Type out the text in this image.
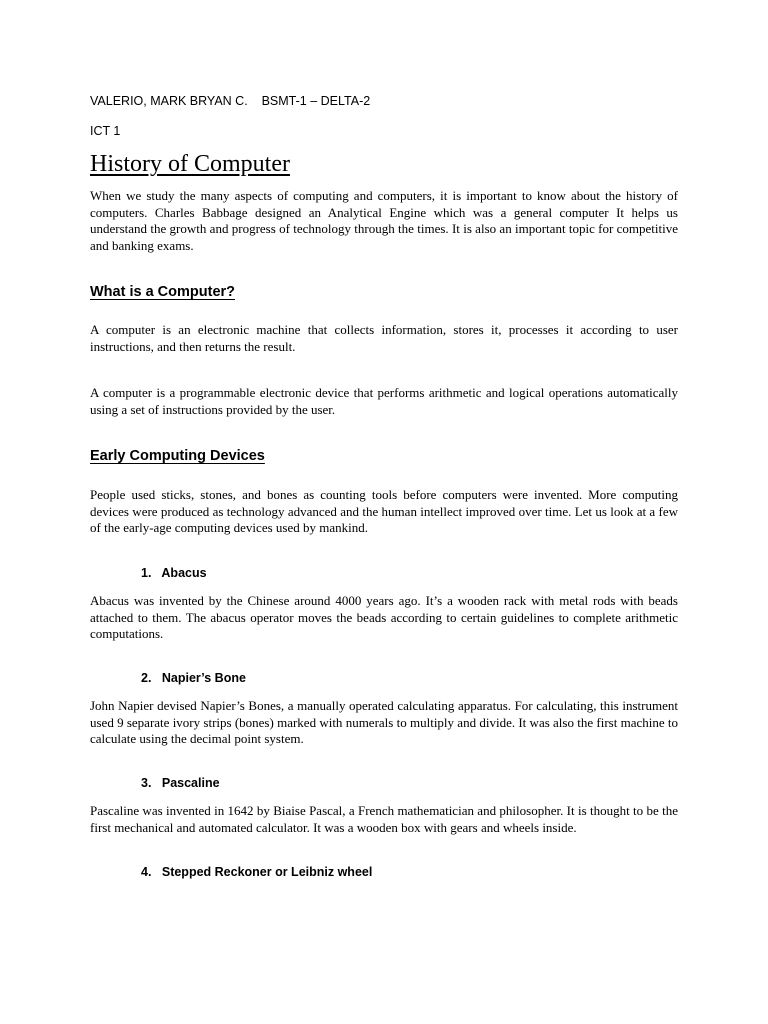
VALERIO, MARK BRYAN C. BSMT-1 – DELTA-2

ICT 1

History of Computer

When we study the many aspects of computing and computers, it is important to know about the history of computers. Charles Babbage designed an Analytical Engine which was a general computer It helps us understand the growth and progress of technology through the times. It is also an important topic for competitive and banking exams.

What is a Computer?

A computer is an electronic machine that collects information, stores it, processes it according to user instructions, and then returns the result.

A computer is a programmable electronic device that performs arithmetic and logical operations automatically using a set of instructions provided by the user.

Early Computing Devices

People used sticks, stones, and bones as counting tools before computers were invented. More computing devices were produced as technology advanced and the human intellect improved over time. Let us look at a few of the early-age computing devices used by mankind.

1. Abacus

Abacus was invented by the Chinese around 4000 years ago. It’s a wooden rack with metal rods with beads attached to them. The abacus operator moves the beads according to certain guidelines to complete arithmetic computations.

2. Napier’s Bone

John Napier devised Napier’s Bones, a manually operated calculating apparatus. For calculating, this instrument used 9 separate ivory strips (bones) marked with numerals to multiply and divide. It was also the first machine to calculate using the decimal point system.

3. Pascaline

Pascaline was invented in 1642 by Biaise Pascal, a French mathematician and philosopher. It is thought to be the first mechanical and automated calculator. It was a wooden box with gears and wheels inside.

4. Stepped Reckoner or Leibniz wheel
